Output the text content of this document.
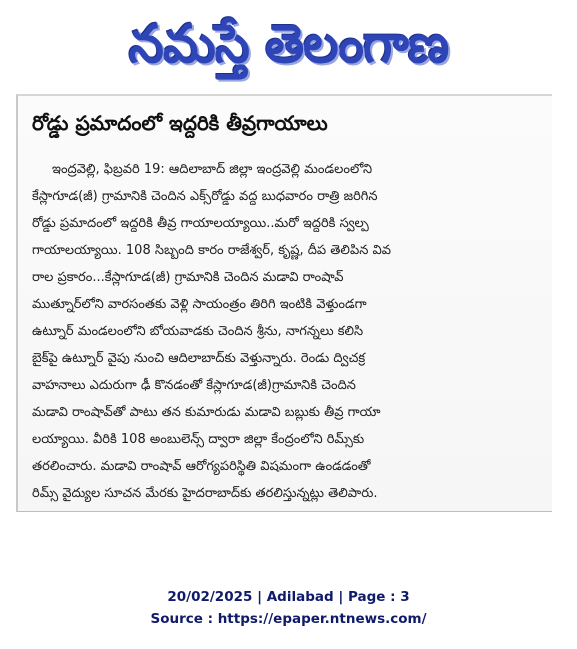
నమస్తే తెలంగాణ
రోడ్డు ప్రమాదంలో ఇద్దరికి తీవ్రగాయాలు
ఇంద్రవెల్లి, ఫిబ్రవరి 19: ఆదిలాబాద్ జిల్లా ఇంద్రవెల్లి మండలంలోని
కేస్లాగూడ(జీ) గ్రామానికి చెందిన ఎక్స్‌రోడ్డు వద్ద బుధవారం రాత్రి జరిగిన
రోడ్డు ప్రమాదంలో ఇద్దరికి తీవ్ర గాయాలయ్యాయి..మరో ఇద్దరికి స్వల్ప
గాయాలయ్యాయి. 108 సిబ్బంది కారం రాజేశ్వర్, కృష్ణ, దీప తెలిపిన వివ
రాల ప్రకారం...కేస్లాగూడ(జీ) గ్రామానికి చెందిన మడావి రాంషావ్
ముత్నూర్‌లోని వారసంతకు వెళ్లి సాయంత్రం తిరిగి ఇంటికి వెళ్తుండగా
ఉట్నూర్ మండలంలోని బోయవాడకు చెందిన శ్రీను, నాగన్నలు కలిసి
బైక్‌పై ఉట్నూర్ వైపు నుంచి ఆదిలాబాద్‌కు వెళ్తున్నారు. రెండు ద్విచక్ర
వాహనాలు ఎదురుగా ఢీ కొనడంతో కేస్లాగూడ(జీ)గ్రామానికి చెందిన
మడావి రాంషావ్‌తో పాటు తన కుమారుడు మడావి బబ్లుకు తీవ్ర గాయా
లయ్యాయి. వీరికి 108 అంబులెన్స్ ద్వారా జిల్లా కేంద్రంలోని రిమ్స్‌కు
తరలించారు. మడావి రాంషావ్ ఆరోగ్యపరిస్థితి విషమంగా ఉండడంతో
రిమ్స్ వైద్యుల సూచన మేరకు హైదరాబాద్‌కు తరలిస్తున్నట్లు తెలిపారు.
20/02/2025 | Adilabad | Page : 3
Source : https://epaper.ntnews.com/
